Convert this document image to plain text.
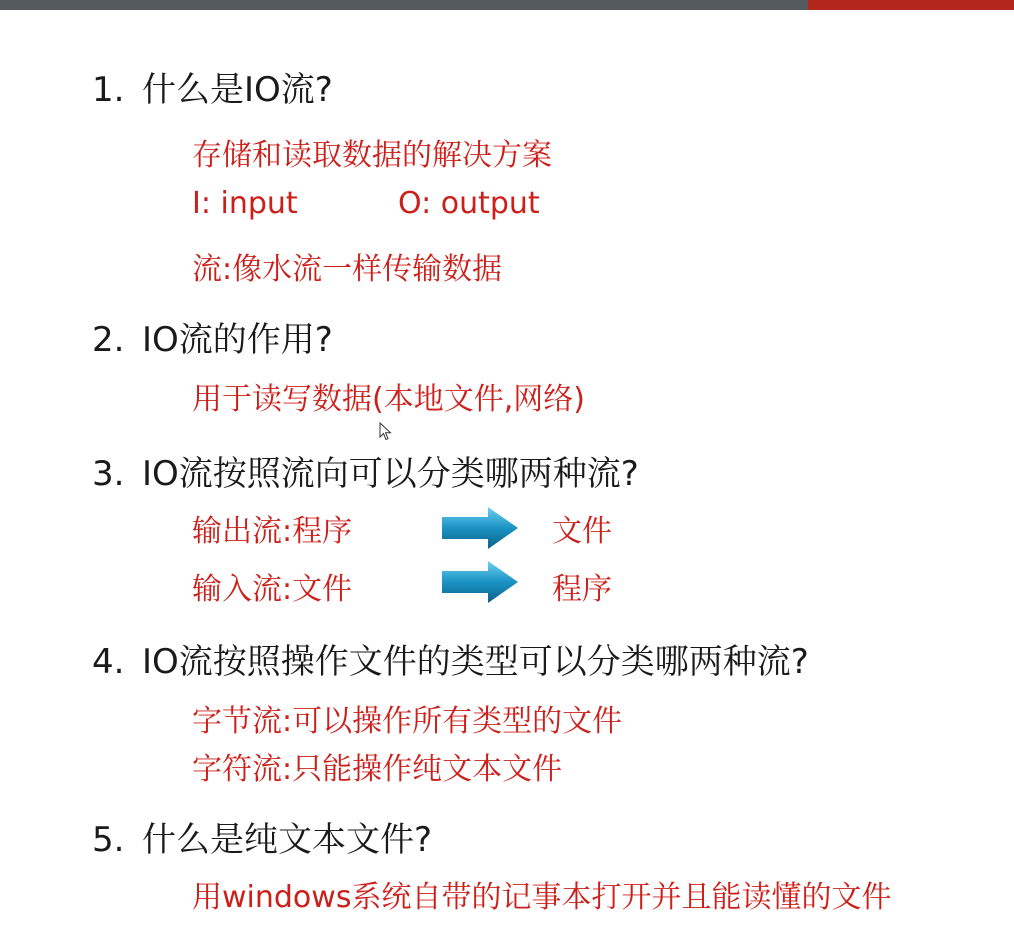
1. 什么是IO流?
存储和读取数据的解决方案
I: input	O: output
流:像水流一样传输数据
2. IO流的作用?
用于读写数据(本地文件,网络)
3. IO流按照流向可以分类哪两种流?
输出流:程序	文件
输入流:文件	程序
4. IO流按照操作文件的类型可以分类哪两种流?
字节流:可以操作所有类型的文件
字符流:只能操作纯文本文件
5. 什么是纯文本文件?
用windows系统自带的记事本打开并且能读懂的文件
